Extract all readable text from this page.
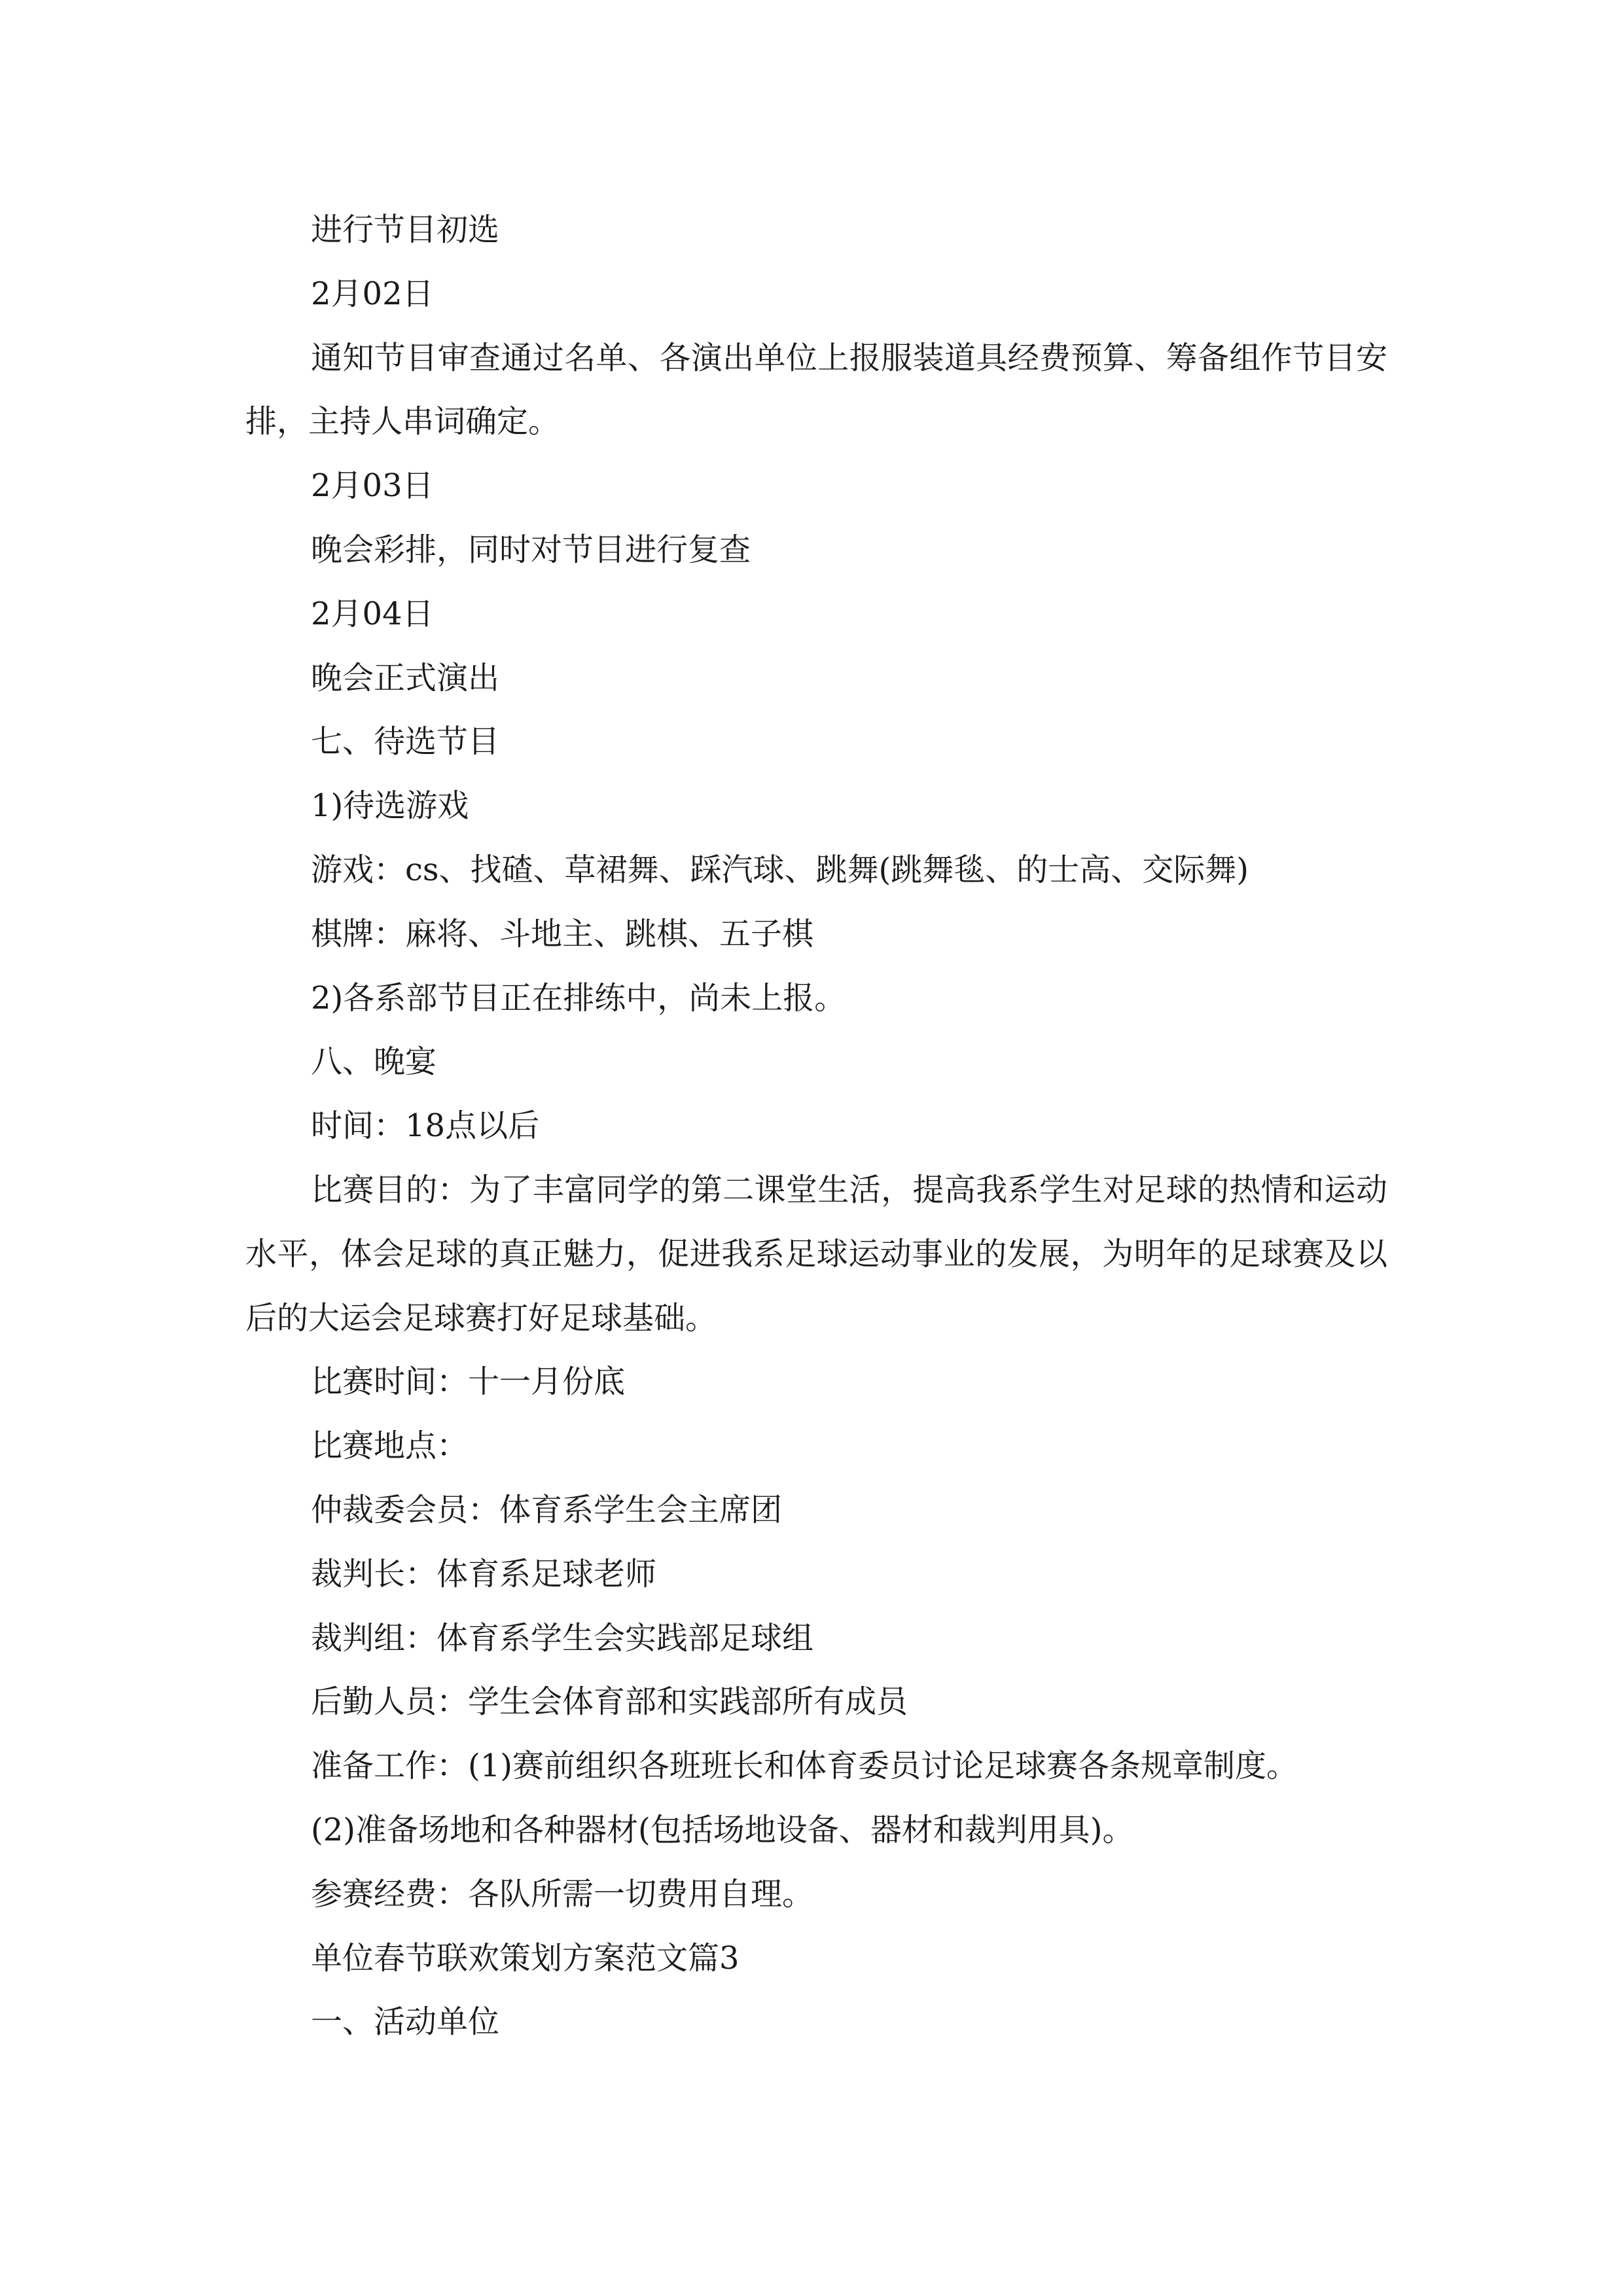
进行节目初选

2月02日

通知节目审查通过名单、各演出单位上报服装道具经费预算、筹备组作节目安排，主持人串词确定。

2月03日

晚会彩排，同时对节目进行复查

2月04日

晚会正式演出

七、待选节目

1)待选游戏

游戏：cs、找碴、草裙舞、踩汽球、跳舞(跳舞毯、的士高、交际舞)

棋牌：麻将、斗地主、跳棋、五子棋

2)各系部节目正在排练中，尚未上报。

八、晚宴

时间：18点以后

比赛目的：为了丰富同学的第二课堂生活，提高我系学生对足球的热情和运动水平，体会足球的真正魅力，促进我系足球运动事业的发展，为明年的足球赛及以后的大运会足球赛打好足球基础。

比赛时间：十一月份底

比赛地点：

仲裁委会员：体育系学生会主席团

裁判长：体育系足球老师

裁判组：体育系学生会实践部足球组

后勤人员：学生会体育部和实践部所有成员

准备工作：(1)赛前组织各班班长和体育委员讨论足球赛各条规章制度。

(2)准备场地和各种器材(包括场地设备、器材和裁判用具)。

参赛经费：各队所需一切费用自理。

单位春节联欢策划方案范文篇3

一、活动单位
